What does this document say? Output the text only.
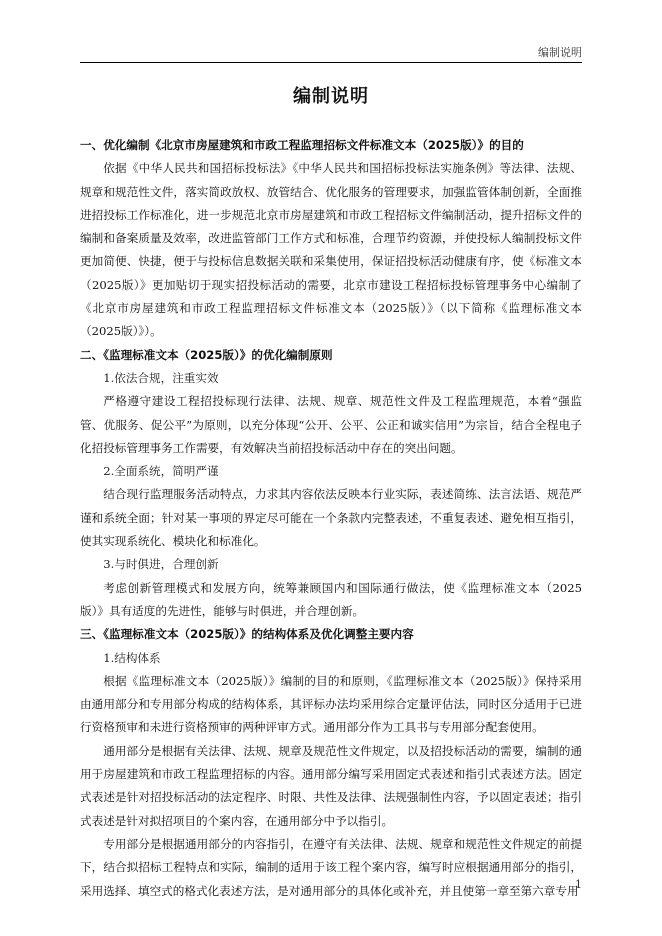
编制说明
编制说明

一、优化编制《北京市房屋建筑和市政工程监理招标文件标准文本（2025版）》的目的

依据《中华人民共和国招标投标法》《中华人民共和国招标投标法实施条例》等法律、法规、规章和规范性文件，落实简政放权、放管结合、优化服务的管理要求，加强监管体制创新，全面推进招投标工作标准化，进一步规范北京市房屋建筑和市政工程招标文件编制活动，提升招标文件的编制和备案质量及效率，改进监管部门工作方式和标准，合理节约资源，并使投标人编制投标文件更加简便、快捷，便于与投标信息数据关联和采集使用，保证招投标活动健康有序，使《标准文本（2025版）》更加贴切于现实招投标活动的需要，北京市建设工程招标投标管理事务中心编制了《北京市房屋建筑和市政工程监理招标文件标准文本（2025版）》（以下简称《监理标准文本（2025版）》）。

二、《监理标准文本（2025版）》的优化编制原则

1.依法合规，注重实效

严格遵守建设工程招投标现行法律、法规、规章、规范性文件及工程监理规范，本着“强监管、优服务、促公平”为原则，以充分体现“公开、公平、公正和诚实信用”为宗旨，结合全程电子化招投标管理事务工作需要，有效解决当前招投标活动中存在的突出问题。

2.全面系统，简明严谨

结合现行监理服务活动特点，力求其内容依法反映本行业实际，表述简练、法言法语、规范严谨和系统全面；针对某一事项的界定尽可能在一个条款内完整表述，不重复表述、避免相互指引，使其实现系统化、模块化和标准化。

3.与时俱进，合理创新

考虑创新管理模式和发展方向，统筹兼顾国内和国际通行做法，使《监理标准文本（2025版）》具有适度的先进性，能够与时俱进，并合理创新。

三、《监理标准文本（2025版）》的结构体系及优化调整主要内容

1.结构体系

根据《监理标准文本（2025版）》编制的目的和原则，《监理标准文本（2025版）》保持采用由通用部分和专用部分构成的结构体系，其评标办法均采用综合定量评估法，同时区分适用于已进行资格预审和未进行资格预审的两种评审方式。通用部分作为工具书与专用部分配套使用。

通用部分是根据有关法律、法规、规章及规范性文件规定，以及招投标活动的需要，编制的通用于房屋建筑和市政工程监理招标的内容。通用部分编写采用固定式表述和指引式表述方法。固定式表述是针对招投标活动的法定程序、时限、共性及法律、法规强制性内容，予以固定表述；指引式表述是针对拟招项目的个案内容，在通用部分中予以指引。

专用部分是根据通用部分的内容指引，在遵守有关法律、法规、规章和规范性文件规定的前提下，结合拟招标工程特点和实际，编制的适用于该工程个案内容，编写时应根据通用部分的指引，采用选择、填空式的格式化表述方法，是对通用部分的具体化或补充，并且使第一章至第六章专用

1
